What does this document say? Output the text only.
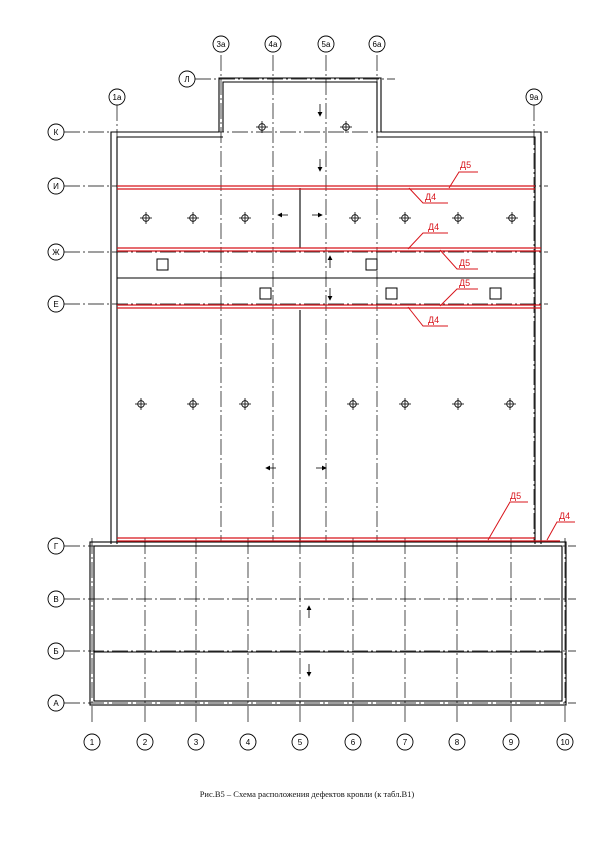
Д5
Д4
Д4
Д5
Д5
Д4
Д5
Д4
1	2	3	4	5	6	7	8	9	10
1а
3а	4а	5а	6а
9а
К
И
Ж
Е
Г
В
Б
А
Л
Рис.В5 – Схема расположения дефектов кровли (к табл.В1)
